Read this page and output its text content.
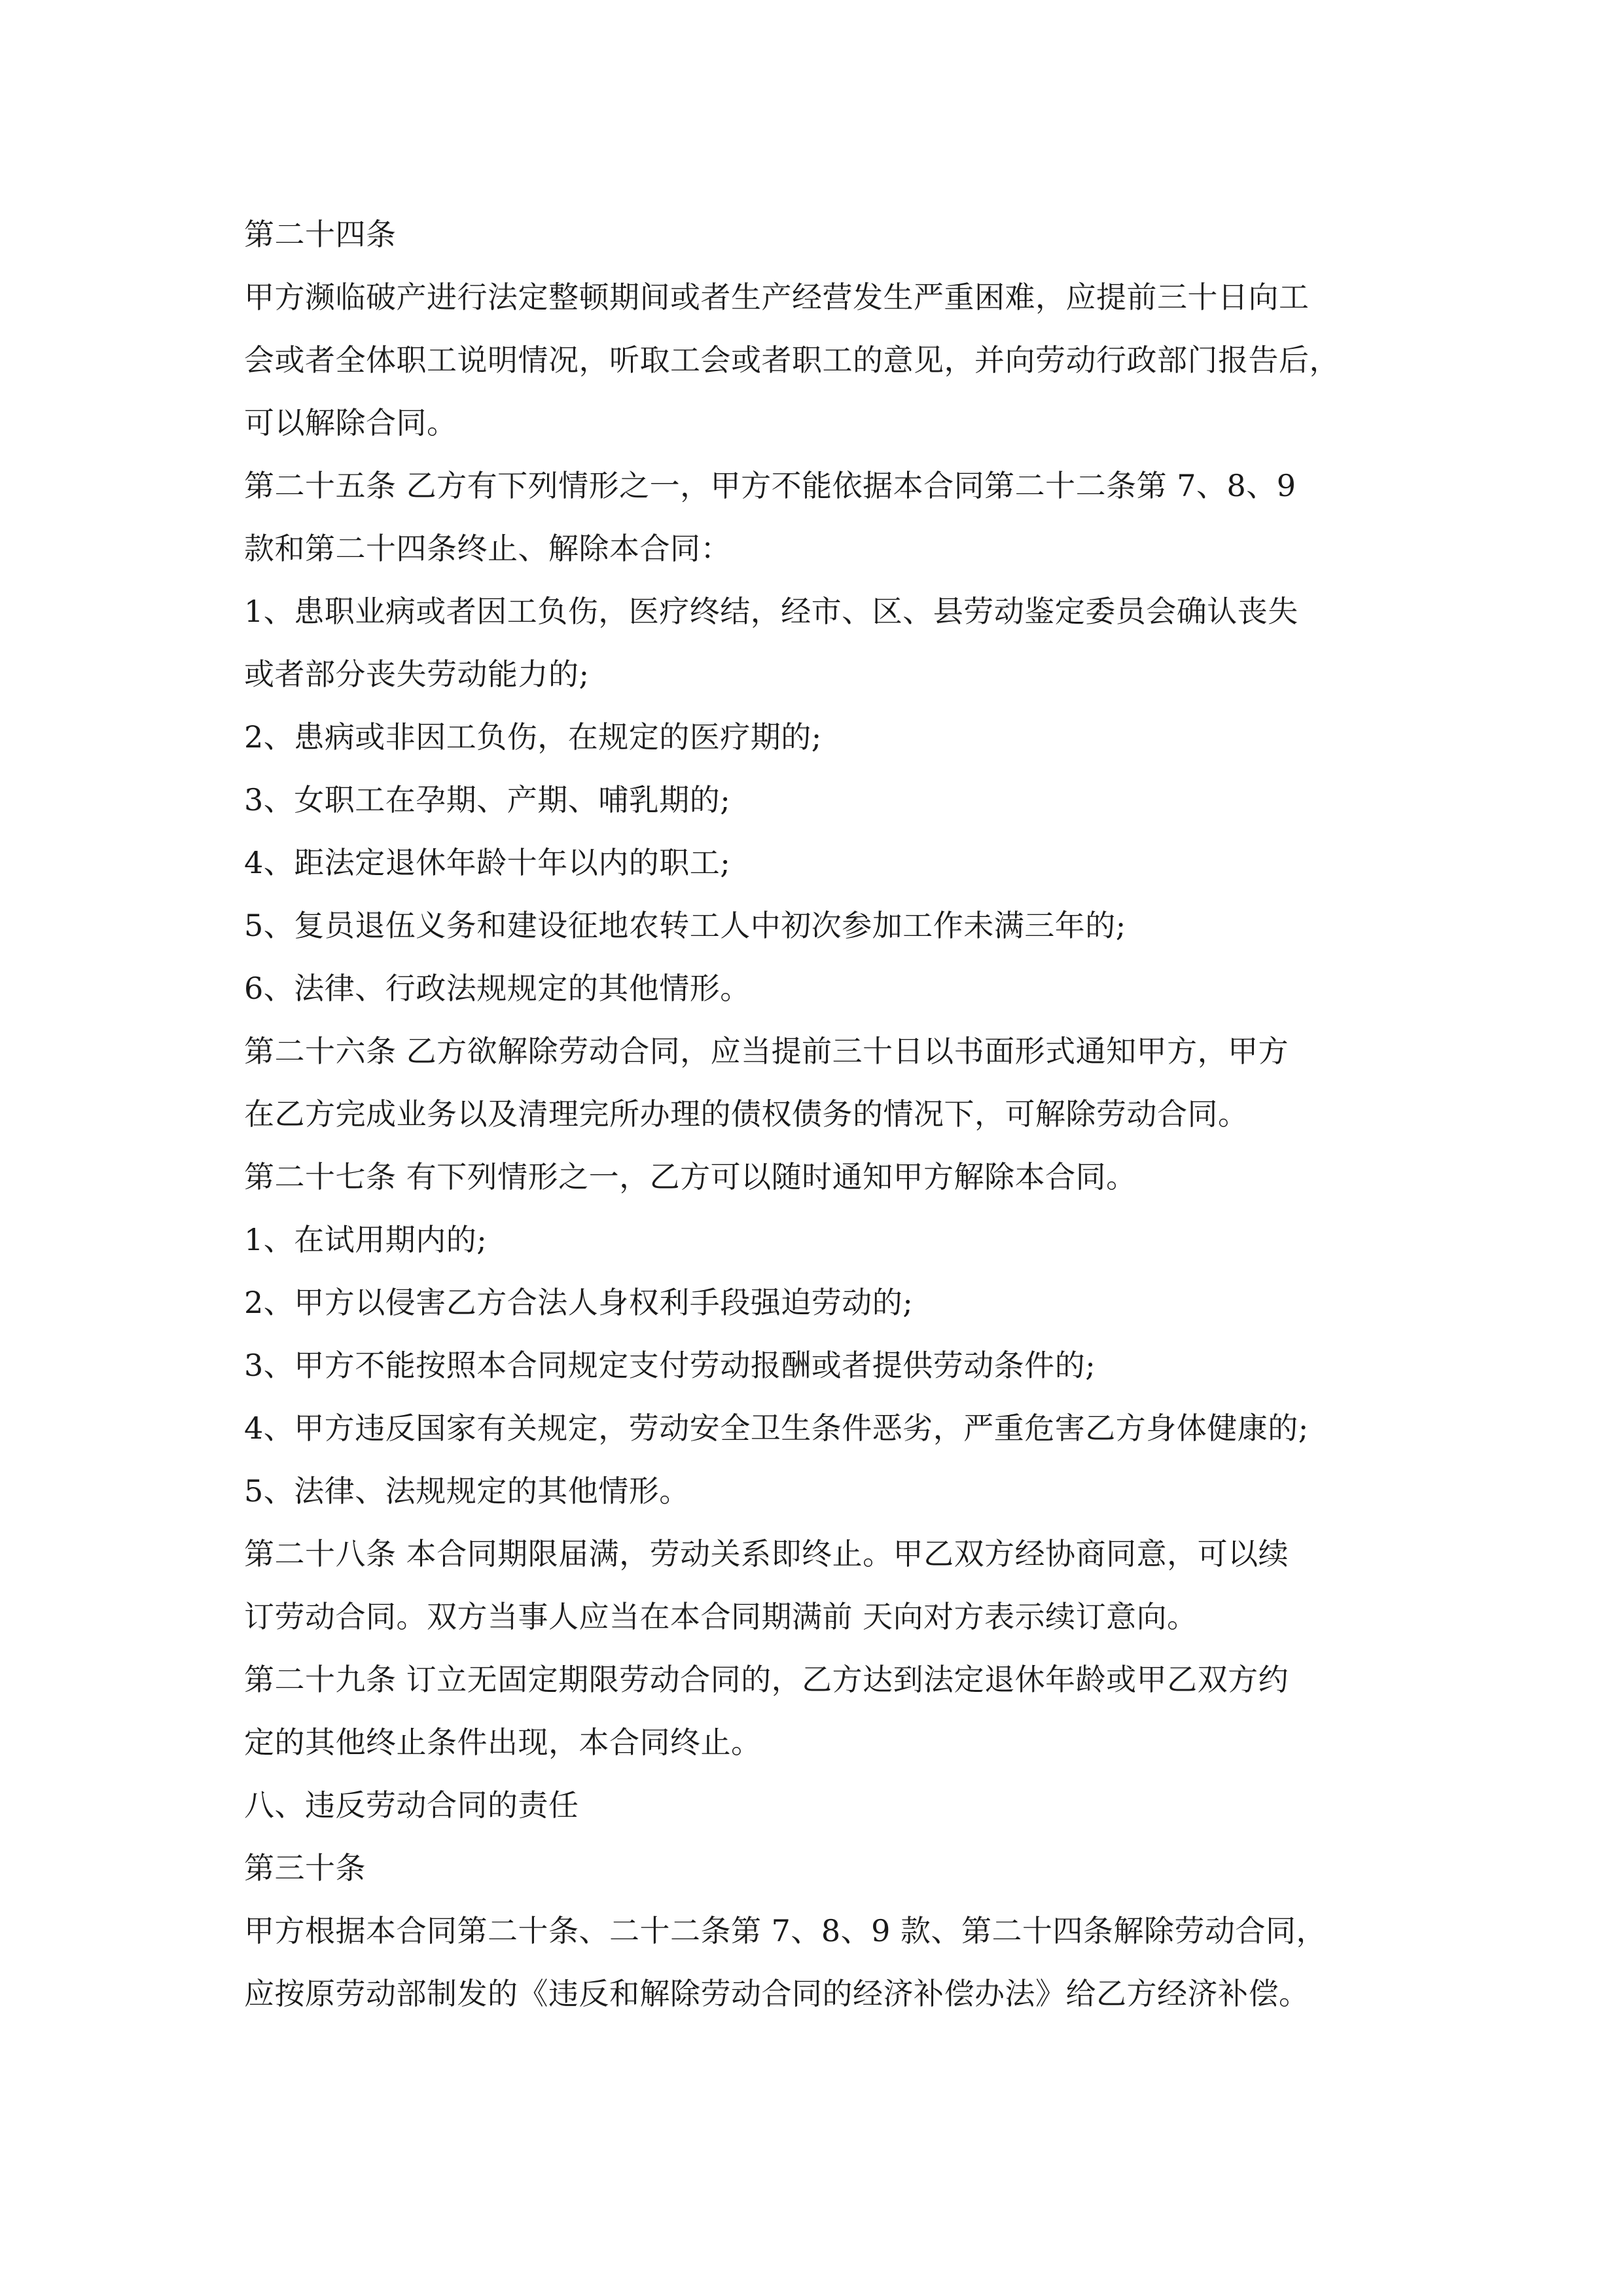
第二十四条

甲方濒临破产进行法定整顿期间或者生产经营发生严重困难，应提前三十日向工

会或者全体职工说明情况，听取工会或者职工的意见，并向劳动行政部门报告后，

可以解除合同。

第二十五条 乙方有下列情形之一，甲方不能依据本合同第二十二条第 7、8、9

款和第二十四条终止、解除本合同：

1、患职业病或者因工负伤，医疗终结，经市、区、县劳动鉴定委员会确认丧失

或者部分丧失劳动能力的;

2、患病或非因工负伤，在规定的医疗期的;

3、女职工在孕期、产期、哺乳期的;

4、距法定退休年龄十年以内的职工;

5、复员退伍义务和建设征地农转工人中初次参加工作未满三年的;

6、法律、行政法规规定的其他情形。

第二十六条 乙方欲解除劳动合同，应当提前三十日以书面形式通知甲方，甲方

在乙方完成业务以及清理完所办理的债权债务的情况下，可解除劳动合同。

第二十七条 有下列情形之一，乙方可以随时通知甲方解除本合同。

1、在试用期内的;

2、甲方以侵害乙方合法人身权利手段强迫劳动的;

3、甲方不能按照本合同规定支付劳动报酬或者提供劳动条件的;

4、甲方违反国家有关规定，劳动安全卫生条件恶劣，严重危害乙方身体健康的;

5、法律、法规规定的其他情形。

第二十八条 本合同期限届满，劳动关系即终止。甲乙双方经协商同意，可以续

订劳动合同。双方当事人应当在本合同期满前 天向对方表示续订意向。

第二十九条 订立无固定期限劳动合同的，乙方达到法定退休年龄或甲乙双方约

定的其他终止条件出现，本合同终止。

八、违反劳动合同的责任

第三十条

甲方根据本合同第二十条、二十二条第 7、8、9 款、第二十四条解除劳动合同，

应按原劳动部制发的《违反和解除劳动合同的经济补偿办法》给乙方经济补偿。
